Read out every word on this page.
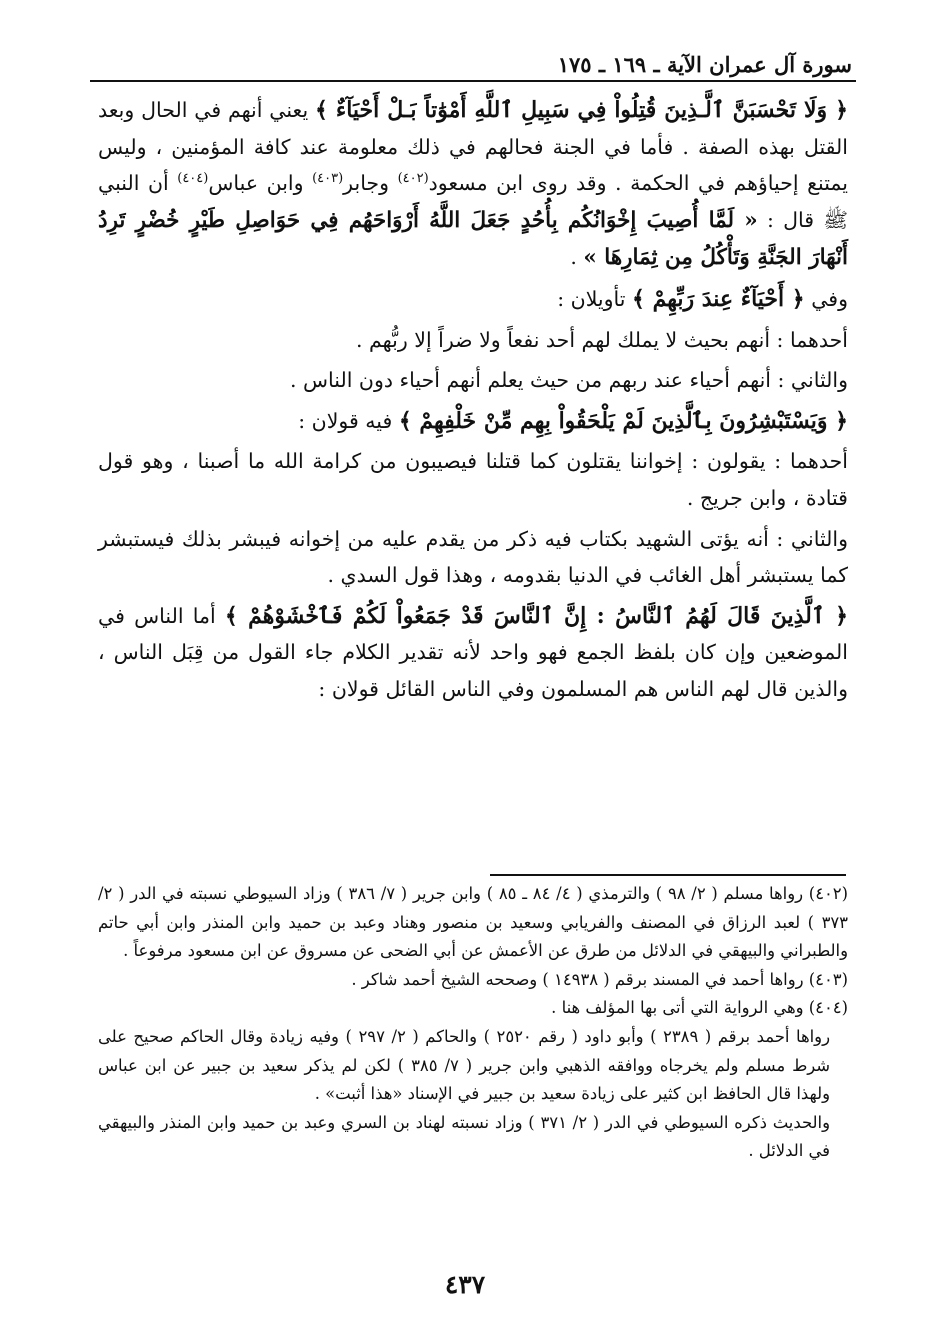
سورة آل عمران الآية ـ ١٦٩ ـ ١٧٥

﴿ وَلَا تَحْسَبَنَّ ٱلَّـذِينَ قُتِلُواْ فِي سَبِيلِ ٱللَّهِ أَمْوَٰتاً بَـلْ أَحْيَآءٌ ﴾ يعني أنهم في الحال وبعد القتل بهذه الصفة . فأما في الجنة فحالهم في ذلك معلومة عند كافة المؤمنين ، وليس يمتنع إحياؤهم في الحكمة . وقد روى ابن مسعود$^{(٤٠٢)}$ وجابر$^{(٤٠٣)}$ وابن عباس$^{(٤٠٤)}$ أن النبي ﷺ قال : « لَمَّا أُصِيبَ إِخْوَانُكُم بِأُحُدٍ جَعَلَ اللَّهُ أَرْوَاحَهُم فِي حَوَاصِلِ طَيْرٍ خُضْرٍ تَرِدُ أَنْهَارَ الجَنَّةِ وَتَأْكُلُ مِن ثِمَارِهَا » .

وفي ﴿ أَحْيَآءٌ عِندَ رَبِّهِمْ ﴾ تأويلان :

أحدهما : أنهم بحيث لا يملك لهم أحد نفعاً ولا ضراً إلا ربُّهم .

والثاني : أنهم أحياء عند ربهم من حيث يعلم أنهم أحياء دون الناس .

﴿ وَيَسْتَبْشِرُونَ بِٱلَّذِينَ لَمْ يَلْحَقُواْ بِهِم مِّنْ خَلْفِهِمْ ﴾ فيه قولان :

أحدهما : يقولون : إخواننا يقتلون كما قتلنا فيصيبون من كرامة الله ما أصبنا ، وهو قول قتادة ، وابن جريج .

والثاني : أنه يؤتى الشهيد بكتاب فيه ذكر من يقدم عليه من إخوانه فيبشر بذلك فيستبشر كما يستبشر أهل الغائب في الدنيا بقدومه ، وهذا قول السدي .

﴿ ٱلَّذِينَ قَالَ لَهُمُ ٱلنَّاسُ : إِنَّ ٱلنَّاسَ قَدْ جَمَعُواْ لَكُمْ فَٱخْشَوْهُمْ ﴾ أما الناس في الموضعين وإن كان بلفظ الجمع فهو واحد لأنه تقدير الكلام جاء القول من قِبَل الناس ، والذين قال لهم الناس هم المسلمون وفي الناس القائل قولان :

(٤٠٢) رواها مسلم ( ٢/ ٩٨ ) والترمذي ( ٤/ ٨٤ ـ ٨٥ ) وابن جرير ( ٧/ ٣٨٦ ) وزاد السيوطي نسبته في الدر ( ٢/ ٣٧٣ ) لعبد الرزاق في المصنف والفريابي وسعيد بن منصور وهناد وعبد بن حميد وابن المنذر وابن أبي حاتم والطبراني والبيهقي في الدلائل من طرق عن الأعمش عن أبي الضحى عن مسروق عن ابن مسعود مرفوعاً .

(٤٠٣) رواها أحمد في المسند برقم ( ١٤٩٣٨ ) وصححه الشيخ أحمد شاكر .

(٤٠٤) وهي الرواية التي أتى بها المؤلف هنا .

رواها أحمد برقم ( ٢٣٨٩ ) وأبو داود ( رقم ٢٥٢٠ ) والحاكم ( ٢/ ٢٩٧ ) وفيه زيادة وقال الحاكم صحيح على شرط مسلم ولم يخرجاه ووافقه الذهبي وابن جرير ( ٧/ ٣٨٥ ) لكن لم يذكر سعيد بن جبير عن ابن عباس ولهذا قال الحافظ ابن كثير على زيادة سعيد بن جبير في الإسناد «هذا أثبت» .

والحديث ذكره السيوطي في الدر ( ٢/ ٣٧١ ) وزاد نسبته لهناد بن السري وعبد بن حميد وابن المنذر والبيهقي في الدلائل .

٤٣٧
